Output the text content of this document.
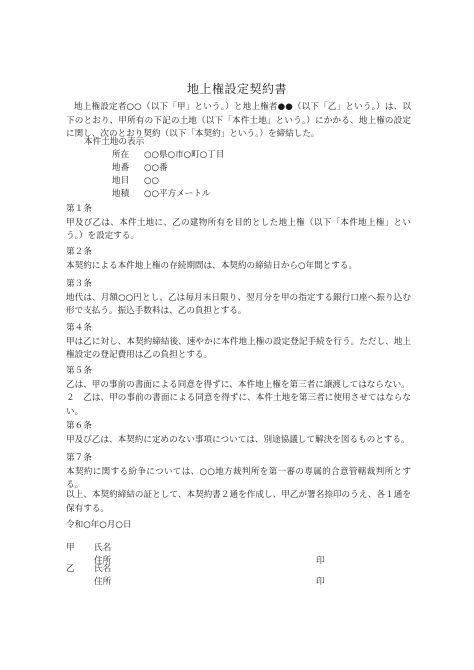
地上権設定契約書

地上権設定者○○（以下「甲」という。）と地上権者●●（以下「乙」という。）は、以下のとおり、甲所有の下記の土地（以下「本件土地」という。）にかかる、地上権の設定に関し、次のとおり契約（以下「本契約」という。）を締結した。

本件土地の表示
所在 ○○県○市○町○丁目
地番 ○○番
地目 ○○
地積 ○○平方メートル

第１条

甲及び乙は、本件土地に、乙の建物所有を目的とした地上権（以下「本件地上権」という。）を設定する。

第２条

本契約による本件地上権の存続期間は、本契約の締結日から○年間とする。

第３条

地代は、月額○○円とし、乙は毎月末日限り、翌月分を甲の指定する銀行口座へ振り込む形で支払う。振込手数料は、乙の負担とする。

第４条

甲は乙に対し、本契約締結後、速やかに本件地上権の設定登記手続を行う。ただし、地上権設定の登記費用は乙の負担とする。

第５条

乙は、甲の事前の書面による同意を得ずに、本件地上権を第三者に譲渡してはならない。

２　乙は、甲の事前の書面による同意を得ずに、本件土地を第三者に使用させてはならない。

第６条

甲及び乙は、本契約に定めのない事項については、別途協議して解決を図るものとする。

第７条

本契約に関する紛争については、○○地方裁判所を第一審の専属的合意管轄裁判所とする。

以上、本契約締結の証として、本契約書２通を作成し、甲乙が署名捺印のうえ、各１通を保有する。
令和○年○月○日
甲 氏名
住所	印
乙 氏名
住所	印
